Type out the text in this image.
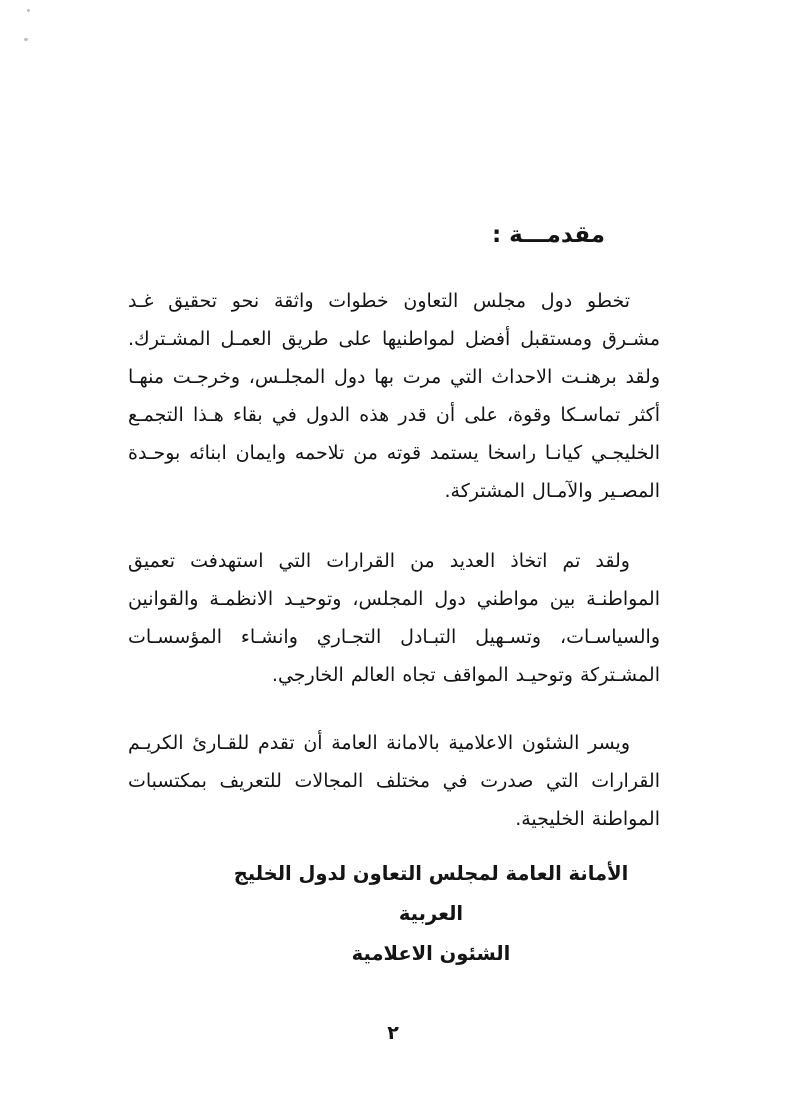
مقدمـــة :

تخطو دول مجلس التعاون خطوات واثقة نحو تحقيق غـد مشـرق ومستقبل أفضل لمواطنيها على طريق العمـل المشـترك. ولقد برهنـت الاحداث التي مرت بها دول المجلـس، وخرجـت منهـا أكثر تماسـكا وقوة، على أن قدر هذه الدول في بقاء هـذا التجمـع الخليجـي كيانـا راسخا يستمد قوته من تلاحمه وايمان ابنائه بوحـدة المصـير والآمـال المشتركة.

ولقد تم اتخاذ العديد من القرارات التي استهدفت تعميق المواطنـة بين مواطني دول المجلس، وتوحيـد الانظمـة والقوانين والسياسـات، وتسـهيل التبـادل التجـاري وانشـاء المؤسسـات المشـتركة وتوحيـد المواقف تجاه العالم الخارجي.

ويسر الشئون الاعلامية بالامانة العامة أن تقدم للقـارئ الكريـم القرارات التي صدرت في مختلف المجالات للتعريف بمكتسبات المواطنة الخليجية.

الأمانة العامة لمجلس التعاون لدول الخليج العربية
الشئون الاعلامية
٢
